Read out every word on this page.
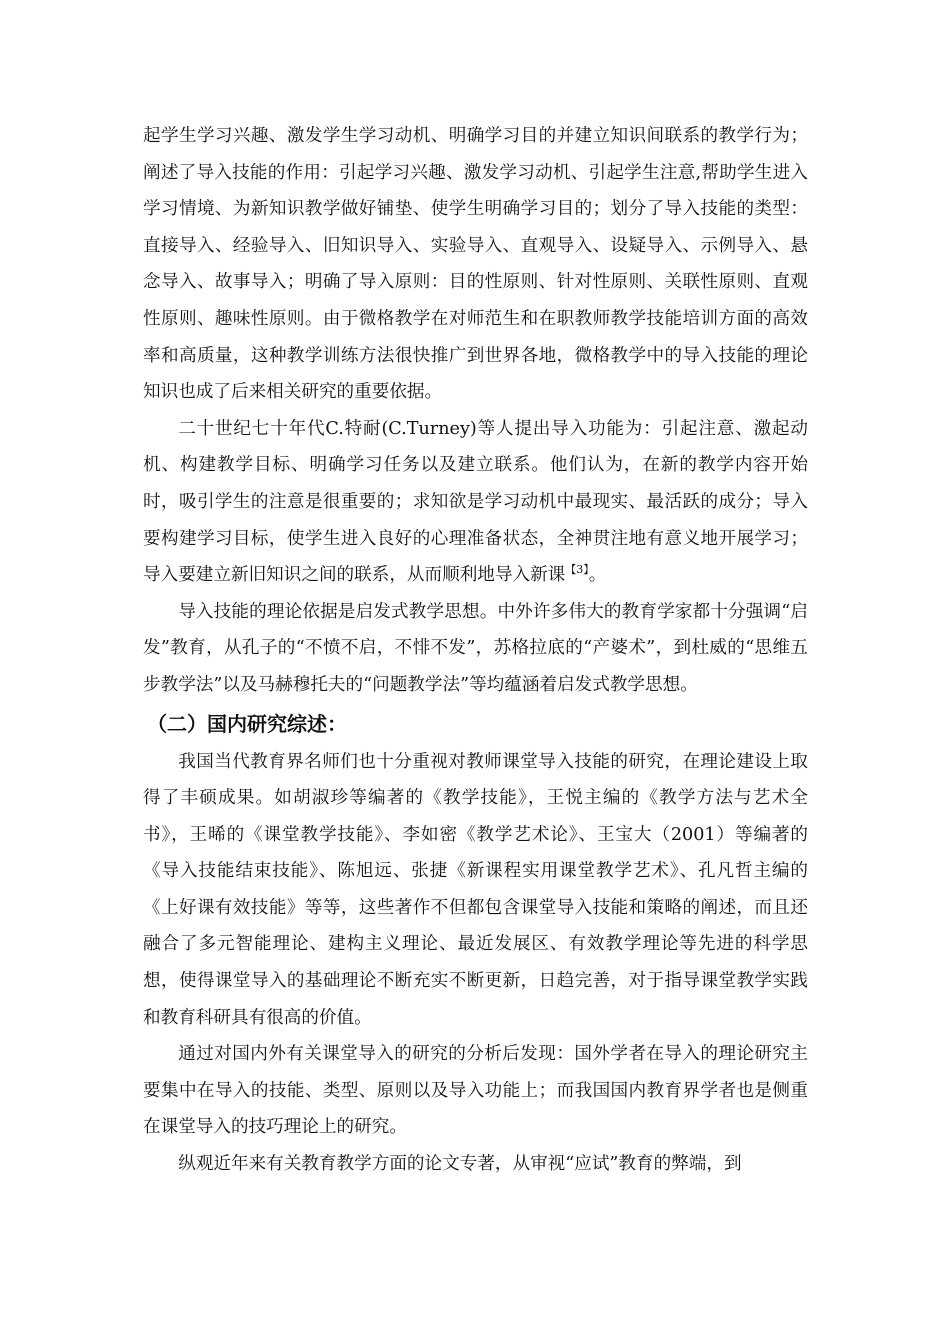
起学生学习兴趣、激发学生学习动机、明确学习目的并建立知识间联系的教学行为；阐述了导入技能的作用：引起学习兴趣、激发学习动机、引起学生注意,帮助学生进入学习情境、为新知识教学做好铺垫、使学生明确学习目的；划分了导入技能的类型：直接导入、经验导入、旧知识导入、实验导入、直观导入、设疑导入、示例导入、悬念导入、故事导入；明确了导入原则：目的性原则、针对性原则、关联性原则、直观性原则、趣味性原则。由于微格教学在对师范生和在职教师教学技能培训方面的高效率和高质量，这种教学训练方法很快推广到世界各地，微格教学中的导入技能的理论知识也成了后来相关研究的重要依据。

二十世纪七十年代C.特耐(C.Turney)等人提出导入功能为：引起注意、激起动机、构建教学目标、明确学习任务以及建立联系。他们认为，在新的教学内容开始时，吸引学生的注意是很重要的；求知欲是学习动机中最现实、最活跃的成分；导入要构建学习目标，使学生进入良好的心理准备状态，全神贯注地有意义地开展学习；导入要建立新旧知识之间的联系，从而顺利地导入新课$^{【3】}$。

导入技能的理论依据是启发式教学思想。中外许多伟大的教育学家都十分强调“启发”教育，从孔子的“不愤不启，不悱不发”，苏格拉底的“产婆术”，到杜威的“思维五步教学法”以及马赫穆托夫的“问题教学法”等均蕴涵着启发式教学思想。

（二）国内研究综述：

我国当代教育界名师们也十分重视对教师课堂导入技能的研究，在理论建设上取得了丰硕成果。如胡淑珍等编著的《教学技能》，王悦主编的《教学方法与艺术全书》，王晞的《课堂教学技能》、李如密《教学艺术论》、王宝大（2001）等编著的《导入技能结束技能》、陈旭远、张捷《新课程实用课堂教学艺术》、孔凡哲主编的《上好课有效技能》等等，这些著作不但都包含课堂导入技能和策略的阐述，而且还融合了多元智能理论、建构主义理论、最近发展区、有效教学理论等先进的科学思想，使得课堂导入的基础理论不断充实不断更新，日趋完善，对于指导课堂教学实践和教育科研具有很高的价值。

通过对国内外有关课堂导入的研究的分析后发现：国外学者在导入的理论研究主要集中在导入的技能、类型、原则以及导入功能上；而我国国内教育界学者也是侧重在课堂导入的技巧理论上的研究。

纵观近年来有关教育教学方面的论文专著，从审视“应试”教育的弊端，到
